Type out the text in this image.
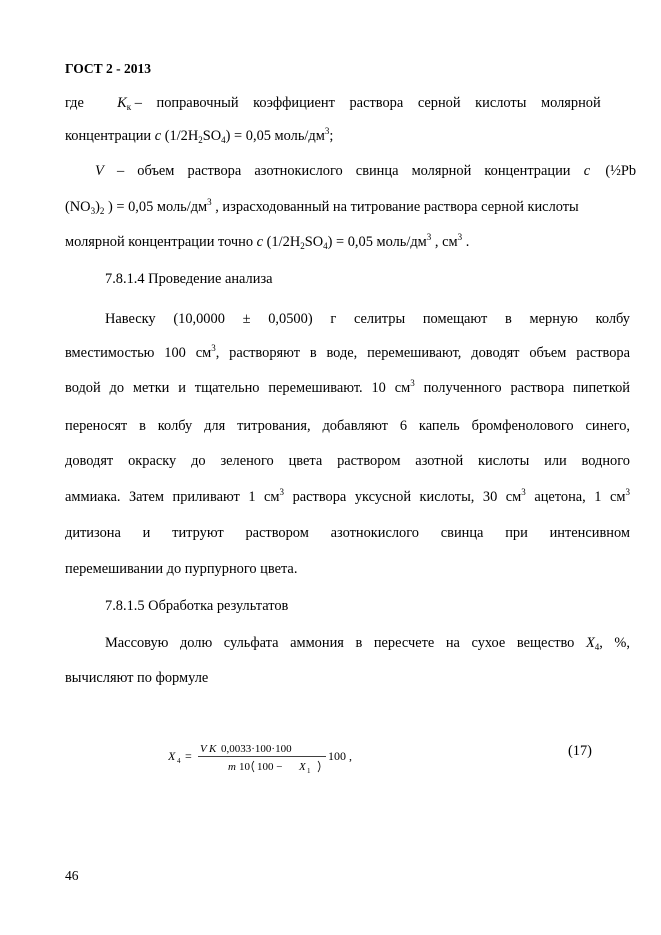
ГОСТ 2 - 2013
где $K_к$ – поправочный коэффициент раствора серной кислоты молярной
концентрации с $(1/2H_2SO_4) = 0,05$ моль/$дм^3$;
V – объем раствора азотнокислого свинца молярной концентрации с (½Pb
$(NO_3)_2$ ) = 0,05 моль/$дм^3$ , израсходованный на титрование раствора серной кислоты
молярной концентрации точно с $(1/2H_2SO_4) = 0,05$ моль/$дм^3$ , $см^3$ .
7.8.1.4 Проведение анализа
Навеску (10,0000 ± 0,0500) г селитры помещают в мерную колбу
вместимостью 100 $см^3$, растворяют в воде, перемешивают, доводят объем раствора
водой до метки и тщательно перемешивают. 10 $см^3$ полученного раствора пипеткой
переносят в колбу для титрования, добавляют 6 капель бромфенолового синего,
доводят окраску до зеленого цвета раствором азотной кислоты или водного
аммиака. Затем приливают 1 $см^3$ раствора уксусной кислоты, 30 $см^3$ ацетона, 1 $см^3$
дитизона и титруют раствором азотнокислого свинца при интенсивном
перемешивании до пурпурного цвета.
7.8.1.5 Обработка результатов
Массовую долю сульфата аммония в пересчете на сухое вещество $X_4$, %,
вычисляют по формуле
X 4 = V K 0,0033·100·100
m 10 100 − X 1
100 ,	(17)
46
